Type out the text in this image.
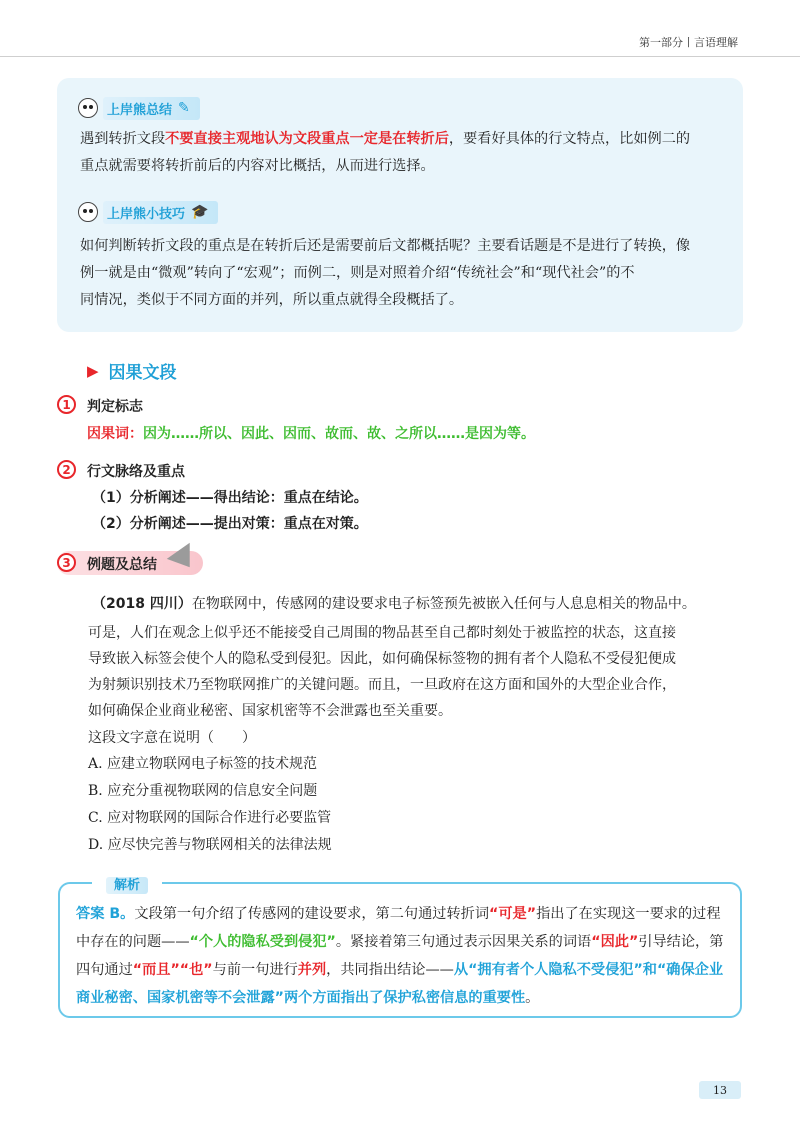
第一部分丨言语理解
上岸熊总结 ✎
遇到转折文段不要直接主观地认为文段重点一定是在转折后，要看好具体的行文特点，比如例二的
重点就需要将转折前后的内容对比概括，从而进行选择。
上岸熊小技巧 🎓
如何判断转折文段的重点是在转折后还是需要前后文都概括呢？主要看话题是不是进行了转换，像
例一就是由“微观”转向了“宏观”；而例二，则是对照着介绍“传统社会”和“现代社会”的不
同情况，类似于不同方面的并列，所以重点就得全段概括了。
▶ 因果文段
1	判定标志
因果词：因为……所以、因此、因而、故而、故、之所以……是因为等。
2	行文脉络及重点
（1）分析阐述——得出结论：重点在结论。
（2）分析阐述——提出对策：重点在对策。
3	例题及总结
（2018 四川）在物联网中，传感网的建设要求电子标签预先被嵌入任何与人息息相关的物品中。
可是，人们在观念上似乎还不能接受自己周围的物品甚至自己都时刻处于被监控的状态，这直接
导致嵌入标签会使个人的隐私受到侵犯。因此，如何确保标签物的拥有者个人隐私不受侵犯便成
为射频识别技术乃至物联网推广的关键问题。而且，一旦政府在这方面和国外的大型企业合作，
如何确保企业商业秘密、国家机密等不会泄露也至关重要。
这段文字意在说明（　　）
A. 应建立物联网电子标签的技术规范
B. 应充分重视物联网的信息安全问题
C. 应对物联网的国际合作进行必要监管
D. 应尽快完善与物联网相关的法律法规
解析
答案 B。文段第一句介绍了传感网的建设要求，第二句通过转折词“可是”指出了在实现这一要求的过程中存在的问题——“个人的隐私受到侵犯”。紧接着第三句通过表示因果关系的词语“因此”引导结论，第四句通过“而且”“也”与前一句进行并列，共同指出结论——从“拥有者个人隐私不受侵犯”和“确保企业商业秘密、国家机密等不会泄露”两个方面指出了保护私密信息的重要性。
13
